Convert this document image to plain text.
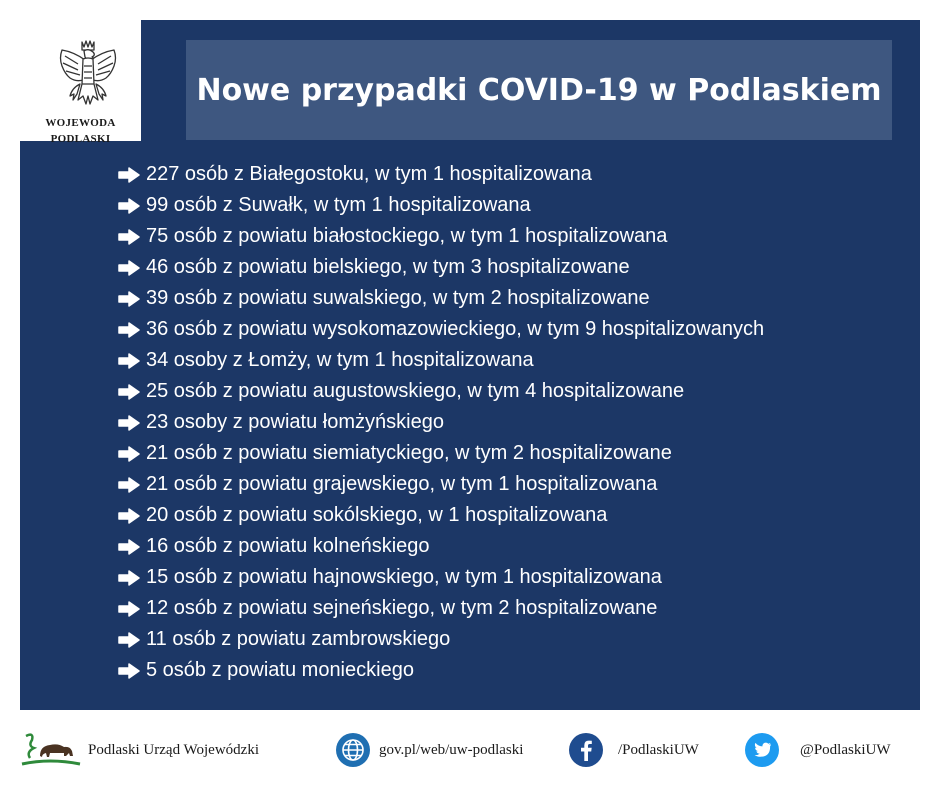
WOJEWODA
PODLASKI
Nowe przypadki COVID-19 w Podlaskiem
227 osób z Białegostoku, w tym 1 hospitalizowana
99 osób z Suwałk, w tym 1 hospitalizowana
75 osób z powiatu białostockiego, w tym 1 hospitalizowana
46 osób z powiatu bielskiego, w tym 3 hospitalizowane
39 osób z powiatu suwalskiego, w tym 2 hospitalizowane
36 osób z powiatu wysokomazowieckiego, w tym 9 hospitalizowanych
34 osoby z Łomży, w tym 1 hospitalizowana
25 osób z powiatu augustowskiego, w tym 4 hospitalizowane
23 osoby z powiatu łomżyńskiego
21 osób z powiatu siemiatyckiego, w tym 2 hospitalizowane
21 osób z powiatu grajewskiego, w tym 1 hospitalizowana
20 osób z powiatu sokólskiego, w 1 hospitalizowana
16 osób z powiatu kolneńskiego
15 osób z powiatu hajnowskiego, w tym 1 hospitalizowana
12 osób z powiatu sejneńskiego, w tym 2 hospitalizowane
11 osób z powiatu zambrowskiego
5 osób z powiatu monieckiego
Podlaski Urząd Wojewódzki	gov.pl/web/uw-podlaski	/PodlaskiUW	@PodlaskiUW
